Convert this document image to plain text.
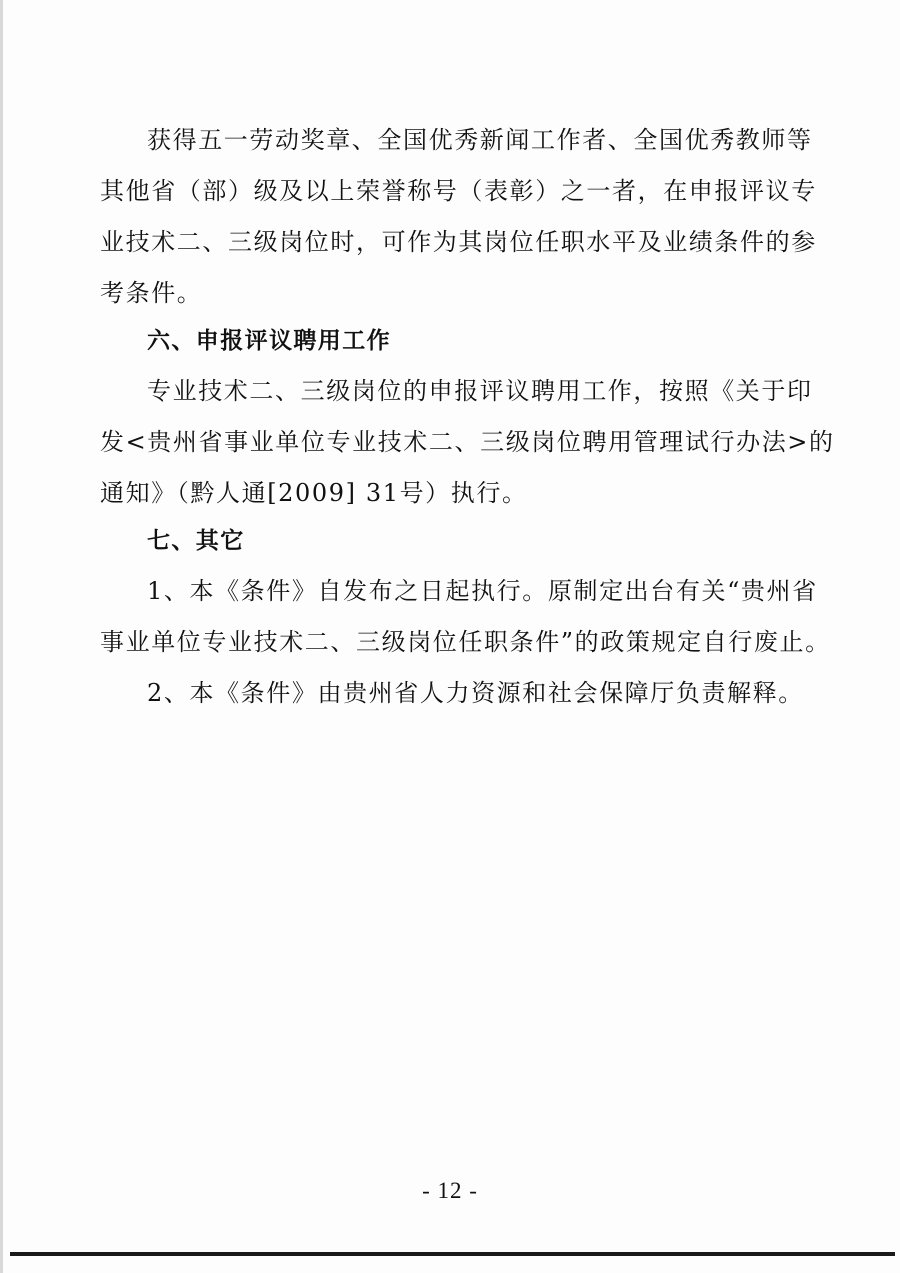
获得五一劳动奖章、全国优秀新闻工作者、全国优秀教师等
其他省（部）级及以上荣誉称号（表彰）之一者，在申报评议专
业技术二、三级岗位时，可作为其岗位任职水平及业绩条件的参
考条件。
六、申报评议聘用工作
专业技术二、三级岗位的申报评议聘用工作，按照《关于印
发<贵州省事业单位专业技术二、三级岗位聘用管理试行办法>的
通知》（黔人通[2009] 31号）执行。
七、其它
1、本《条件》自发布之日起执行。原制定出台有关“贵州省
事业单位专业技术二、三级岗位任职条件”的政策规定自行废止。
2、本《条件》由贵州省人力资源和社会保障厅负责解释。
- 12 -
